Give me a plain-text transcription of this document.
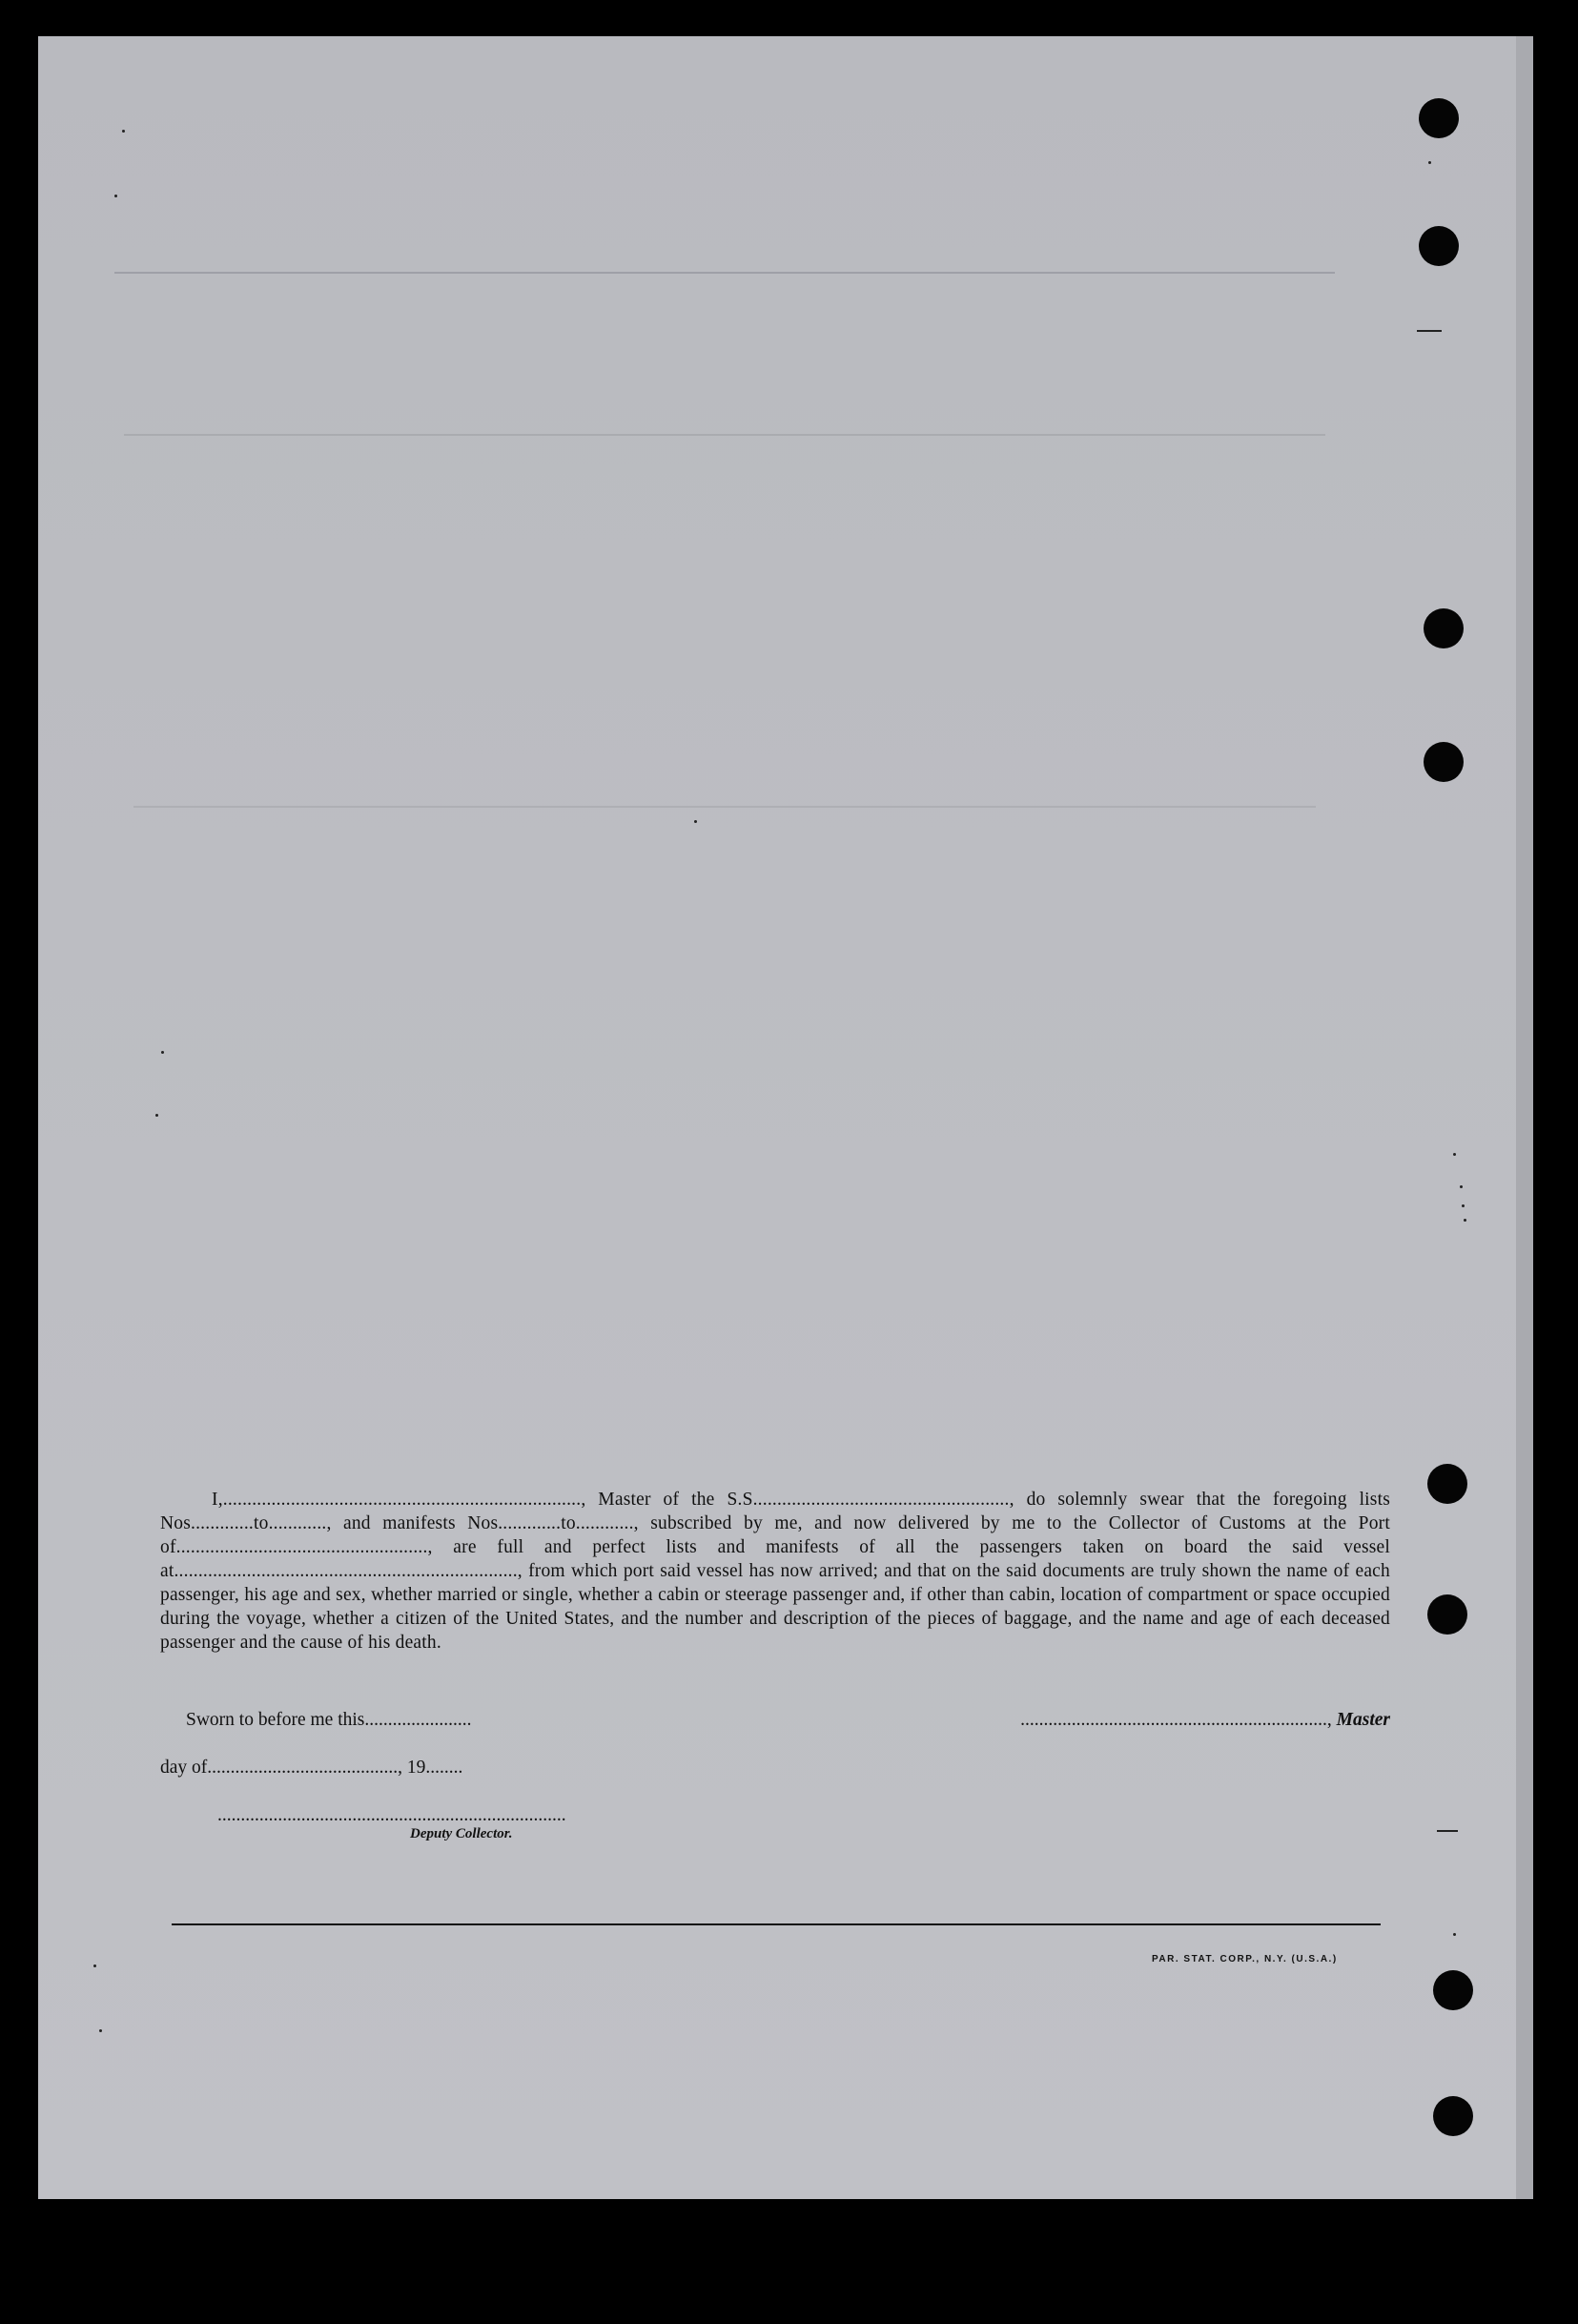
I,.........................................................................., Master of the S.S....................................................., do solemnly swear that the foregoing lists Nos.............to............, and manifests Nos.............to............, subscribed by me, and now delivered by me to the Collector of Customs at the Port of...................................................., are full and perfect lists and manifests of all the passengers taken on board the said vessel at......................................................................., from which port said vessel has now arrived; and that on the said documents are truly shown the name of each passenger, his age and sex, whether married or single, whether a cabin or steerage passenger and, if other than cabin, location of compartment or space occupied during the voyage, whether a citizen of the United States, and the number and description of the pieces of baggage, and the name and age of each deceased passenger and the cause of his death.

Sworn to before me this.......................	.................................................................., Master
day of........................................., 19........
...........................................................................
Deputy Collector.
PAR. STAT. CORP., N.Y. (U.S.A.)
